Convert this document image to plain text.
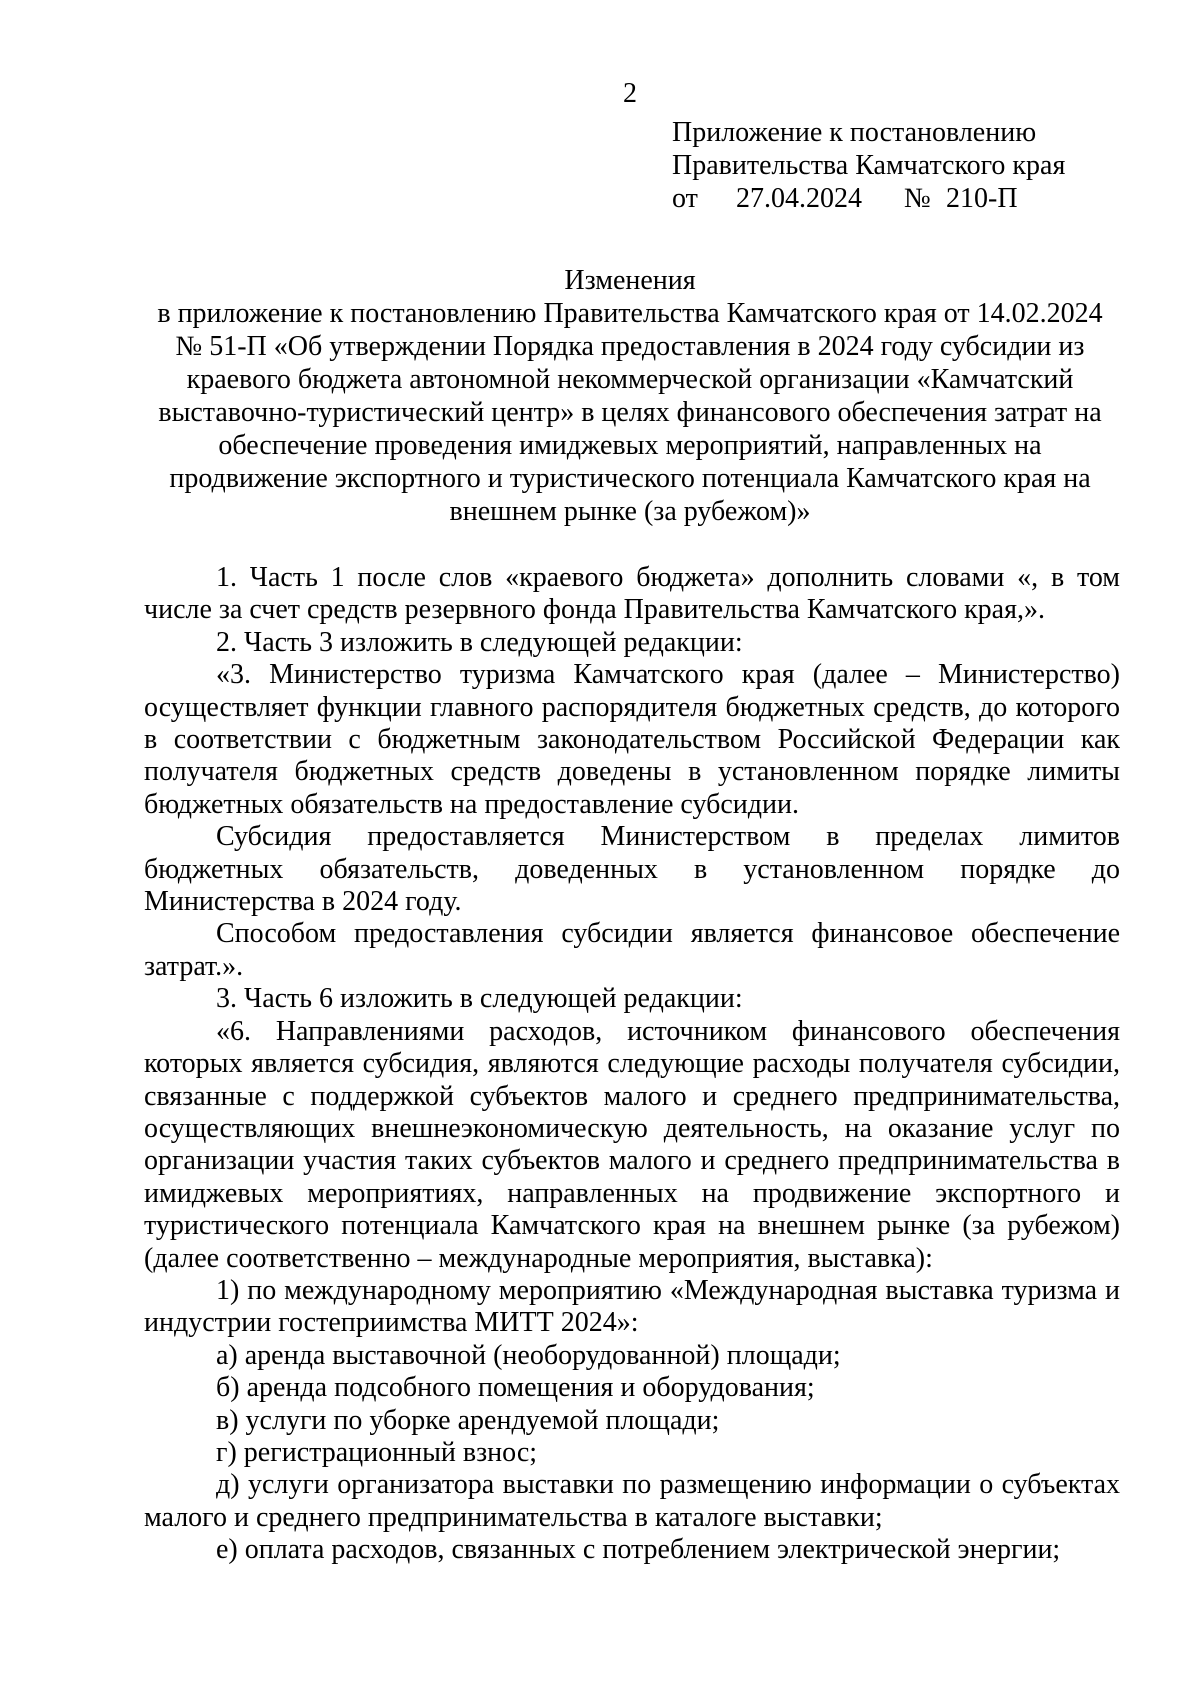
2
Приложение к постановлению
Правительства Камчатского края
от 27.04.2024 № 210-П
Изменения
в приложение к постановлению Правительства Камчатского края от 14.02.2024
№ 51-П «Об утверждении Порядка предоставления в 2024 году субсидии из
краевого бюджета автономной некоммерческой организации «Камчатский
выставочно-туристический центр» в целях финансового обеспечения затрат на
обеспечение проведения имиджевых мероприятий, направленных на
продвижение экспортного и туристического потенциала Камчатского края на
внешнем рынке (за рубежом)»

1. Часть 1 после слов «краевого бюджета» дополнить словами «, в том числе за счет средств резервного фонда Правительства Камчатского края,».

2. Часть 3 изложить в следующей редакции:

«3. Министерство туризма Камчатского края (далее – Министерство) осуществляет функции главного распорядителя бюджетных средств, до которого в соответствии с бюджетным законодательством Российской Федерации как получателя бюджетных средств доведены в установленном порядке лимиты бюджетных обязательств на предоставление субсидии.

Субсидия предоставляется Министерством в пределах лимитов бюджетных обязательств, доведенных в установленном порядке до Министерства в 2024 году.

Способом предоставления субсидии является финансовое обеспечение затрат.».

3. Часть 6 изложить в следующей редакции:

«6. Направлениями расходов, источником финансового обеспечения которых является субсидия, являются следующие расходы получателя субсидии, связанные с поддержкой субъектов малого и среднего предпринимательства, осуществляющих внешнеэкономическую деятельность, на оказание услуг по организации участия таких субъектов малого и среднего предпринимательства в имиджевых мероприятиях, направленных на продвижение экспортного и туристического потенциала Камчатского края на внешнем рынке (за рубежом) (далее соответственно – международные мероприятия, выставка):

1) по международному мероприятию «Международная выставка туризма и индустрии гостеприимства МИТТ 2024»:

а) аренда выставочной (необорудованной) площади;

б) аренда подсобного помещения и оборудования;

в) услуги по уборке арендуемой площади;

г) регистрационный взнос;

д) услуги организатора выставки по размещению информации о субъектах малого и среднего предпринимательства в каталоге выставки;

е) оплата расходов, связанных с потреблением электрической энергии;
